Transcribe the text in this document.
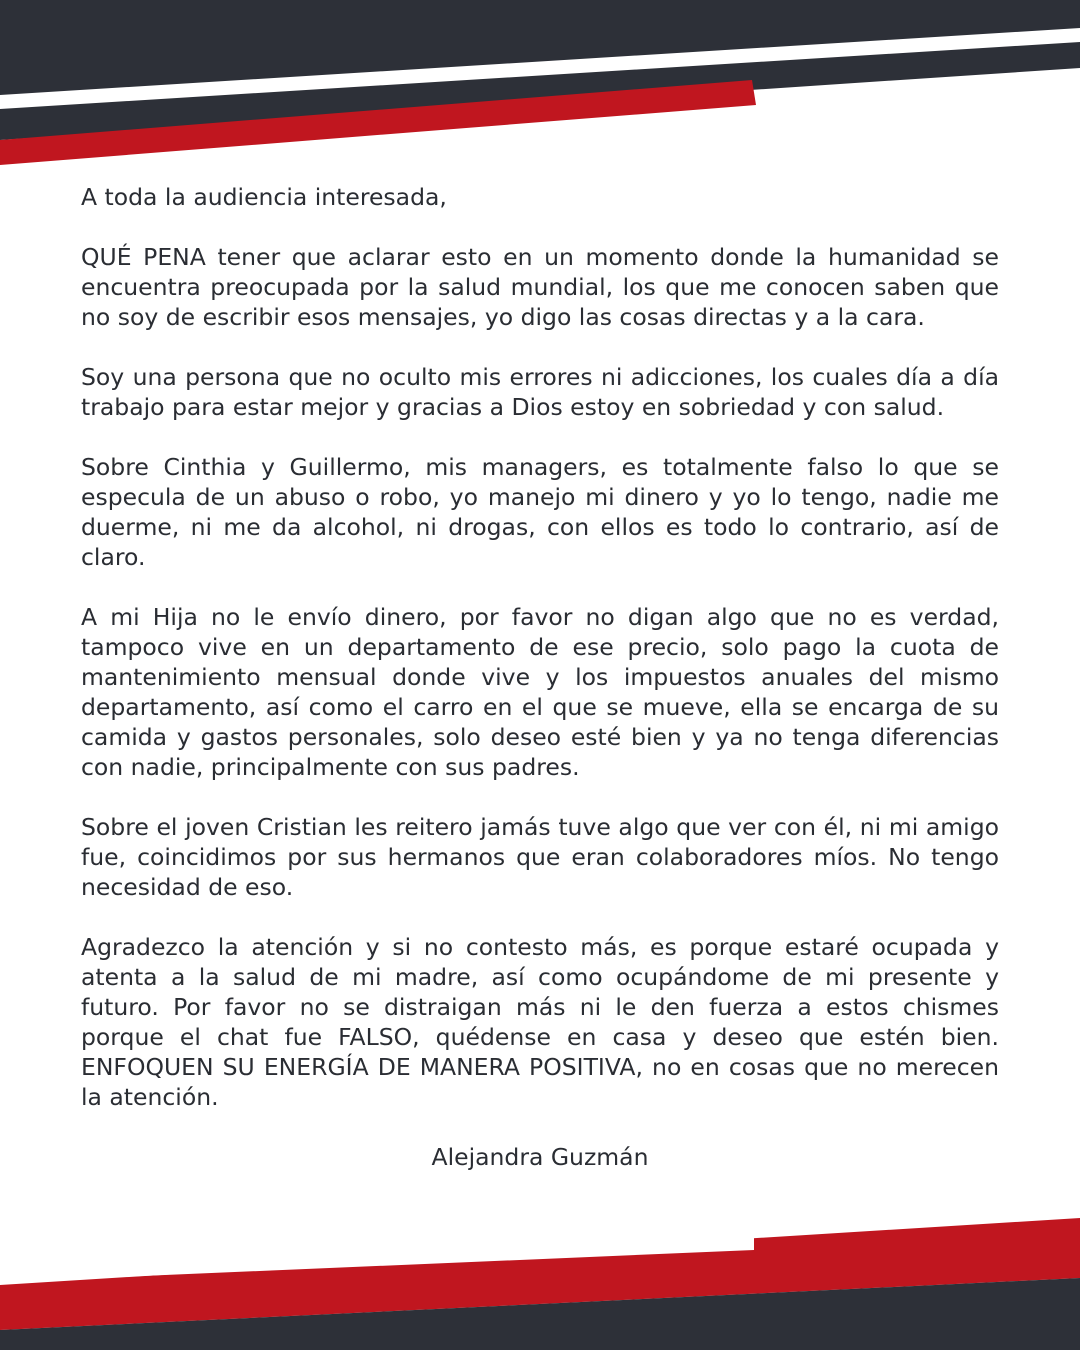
A toda la audiencia interesada,

QUÉ PENA tener que aclarar esto en un momento donde la humanidad se encuentra preocupada por la salud mundial, los que me conocen saben que no soy de escribir esos mensajes, yo digo las cosas directas y a la cara.

Soy una persona que no oculto mis errores ni adicciones, los cuales día a día trabajo para estar mejor y gracias a Dios estoy en sobriedad y con salud.

Sobre Cinthia y Guillermo, mis managers, es totalmente falso lo que se especula de un abuso o robo, yo manejo mi dinero y yo lo tengo, nadie me duerme, ni me da alcohol, ni drogas, con ellos es todo lo contrario, así de claro.

A mi Hija no le envío dinero, por favor no digan algo que no es verdad, tampoco vive en un departamento de ese precio, solo pago la cuota de mantenimiento mensual donde vive y los impuestos anuales del mismo departamento, así como el carro en el que se mueve, ella se encarga de su camida y gastos personales, solo deseo esté bien y ya no tenga diferencias con nadie, principalmente con sus padres.

Sobre el joven Cristian les reitero jamás tuve algo que ver con él, ni mi amigo fue, coincidimos por sus hermanos que eran colaboradores míos. No tengo necesidad de eso.

Agradezco la atención y si no contesto más, es porque estaré ocupada y atenta a la salud de mi madre, así como ocupándome de mi presente y futuro. Por favor no se distraigan más ni le den fuerza a estos chismes porque el chat fue FALSO, quédense en casa y deseo que estén bien. ENFOQUEN SU ENERGÍA DE MANERA POSITIVA, no en cosas que no merecen la atención.

Alejandra Guzmán
